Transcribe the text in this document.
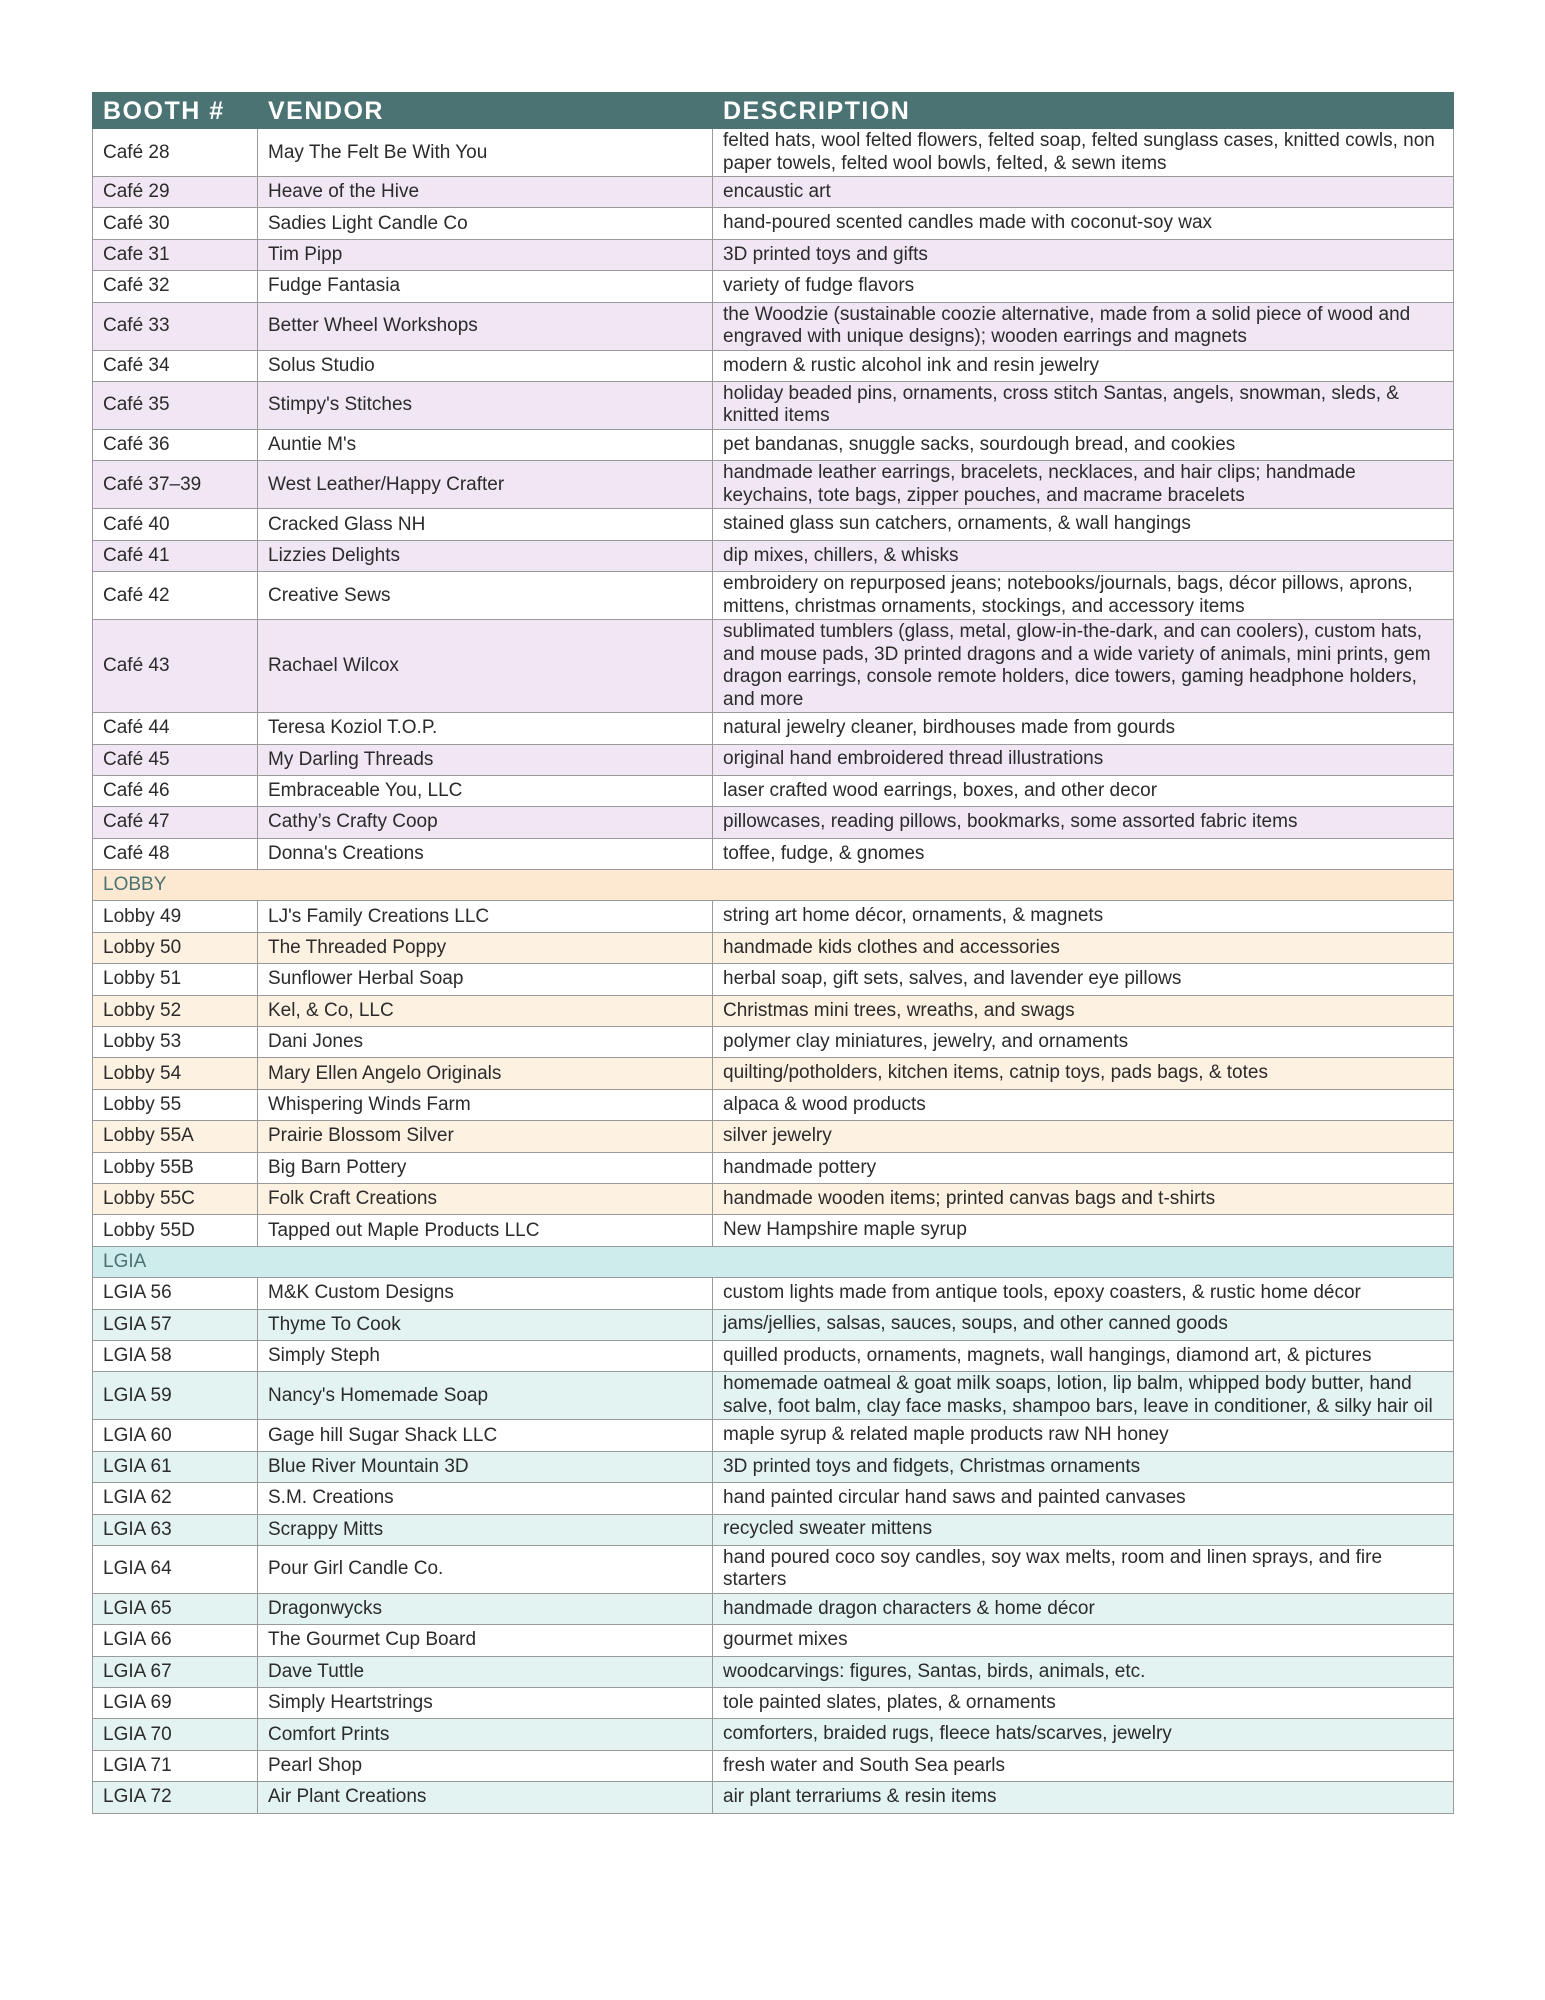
BOOTH #	VENDOR	DESCRIPTION
Café 28	May The Felt Be With You	felted hats, wool felted flowers, felted soap, felted sunglass cases, knitted cowls, non paper towels, felted wool bowls, felted, & sewn items
Café 29	Heave of the Hive	encaustic art
Café 30	Sadies Light Candle Co	hand-poured scented candles made with coconut-soy wax
Cafe 31	Tim Pipp	3D printed toys and gifts
Café 32	Fudge Fantasia	variety of fudge flavors
Café 33	Better Wheel Workshops	the Woodzie (sustainable coozie alternative, made from a solid piece of wood and engraved with unique designs); wooden earrings and magnets
Café 34	Solus Studio	modern & rustic alcohol ink and resin jewelry
Café 35	Stimpy's Stitches	holiday beaded pins, ornaments, cross stitch Santas, angels, snowman, sleds, & knitted items
Café 36	Auntie M's	pet bandanas, snuggle sacks, sourdough bread, and cookies
Café 37–39	West Leather/Happy Crafter	handmade leather earrings, bracelets, necklaces, and hair clips; handmade keychains, tote bags, zipper pouches, and macrame bracelets
Café 40	Cracked Glass NH	stained glass sun catchers, ornaments, & wall hangings
Café 41	Lizzies Delights	dip mixes, chillers, & whisks
Café 42	Creative Sews	embroidery on repurposed jeans; notebooks/journals, bags, décor pillows, aprons, mittens, christmas ornaments, stockings, and accessory items
Café 43	Rachael Wilcox	sublimated tumblers (glass, metal, glow-in-the-dark, and can coolers), custom hats, and mouse pads, 3D printed dragons and a wide variety of animals, mini prints, gem dragon earrings, console remote holders, dice towers, gaming headphone holders, and more
Café 44	Teresa Koziol T.O.P.	natural jewelry cleaner, birdhouses made from gourds
Café 45	My Darling Threads	original hand embroidered thread illustrations
Café 46	Embraceable You, LLC	laser crafted wood earrings, boxes, and other decor
Café 47	Cathy’s Crafty Coop	pillowcases, reading pillows, bookmarks, some assorted fabric items
Café 48	Donna's Creations	toffee, fudge, & gnomes
LOBBY		
Lobby 49	LJ's Family Creations LLC	string art home décor, ornaments, & magnets
Lobby 50	The Threaded Poppy	handmade kids clothes and accessories
Lobby 51	Sunflower Herbal Soap	herbal soap, gift sets, salves, and lavender eye pillows
Lobby 52	Kel, & Co, LLC	Christmas mini trees, wreaths, and swags
Lobby 53	Dani Jones	polymer clay miniatures, jewelry, and ornaments
Lobby 54	Mary Ellen Angelo Originals	quilting/potholders, kitchen items, catnip toys, pads bags, & totes
Lobby 55	Whispering Winds Farm	alpaca & wood products
Lobby 55A	Prairie Blossom Silver	silver jewelry
Lobby 55B	Big Barn Pottery	handmade pottery
Lobby 55C	Folk Craft Creations	handmade wooden items; printed canvas bags and t-shirts
Lobby 55D	Tapped out Maple Products LLC	New Hampshire maple syrup
LGIA		
LGIA 56	M&K Custom Designs	custom lights made from antique tools, epoxy coasters, & rustic home décor
LGIA 57	Thyme To Cook	jams/jellies, salsas, sauces, soups, and other canned goods
LGIA 58	Simply Steph	quilled products, ornaments, magnets, wall hangings, diamond art, & pictures
LGIA 59	Nancy's Homemade Soap	homemade oatmeal & goat milk soaps, lotion, lip balm, whipped body butter, hand salve, foot balm, clay face masks, shampoo bars, leave in conditioner, & silky hair oil
LGIA 60	Gage hill Sugar Shack LLC	maple syrup & related maple products raw NH honey
LGIA 61	Blue River Mountain 3D	3D printed toys and fidgets, Christmas ornaments
LGIA 62	S.M. Creations	hand painted circular hand saws and painted canvases
LGIA 63	Scrappy Mitts	recycled sweater mittens
LGIA 64	Pour Girl Candle Co.	hand poured coco soy candles, soy wax melts, room and linen sprays, and fire starters
LGIA 65	Dragonwycks	handmade dragon characters & home décor
LGIA 66	The Gourmet Cup Board	gourmet mixes
LGIA 67	Dave Tuttle	woodcarvings: figures, Santas, birds, animals, etc.
LGIA 69	Simply Heartstrings	tole painted slates, plates, & ornaments
LGIA 70	Comfort Prints	comforters, braided rugs, fleece hats/scarves, jewelry
LGIA 71	Pearl Shop	fresh water and South Sea pearls
LGIA 72	Air Plant Creations	air plant terrariums & resin items
